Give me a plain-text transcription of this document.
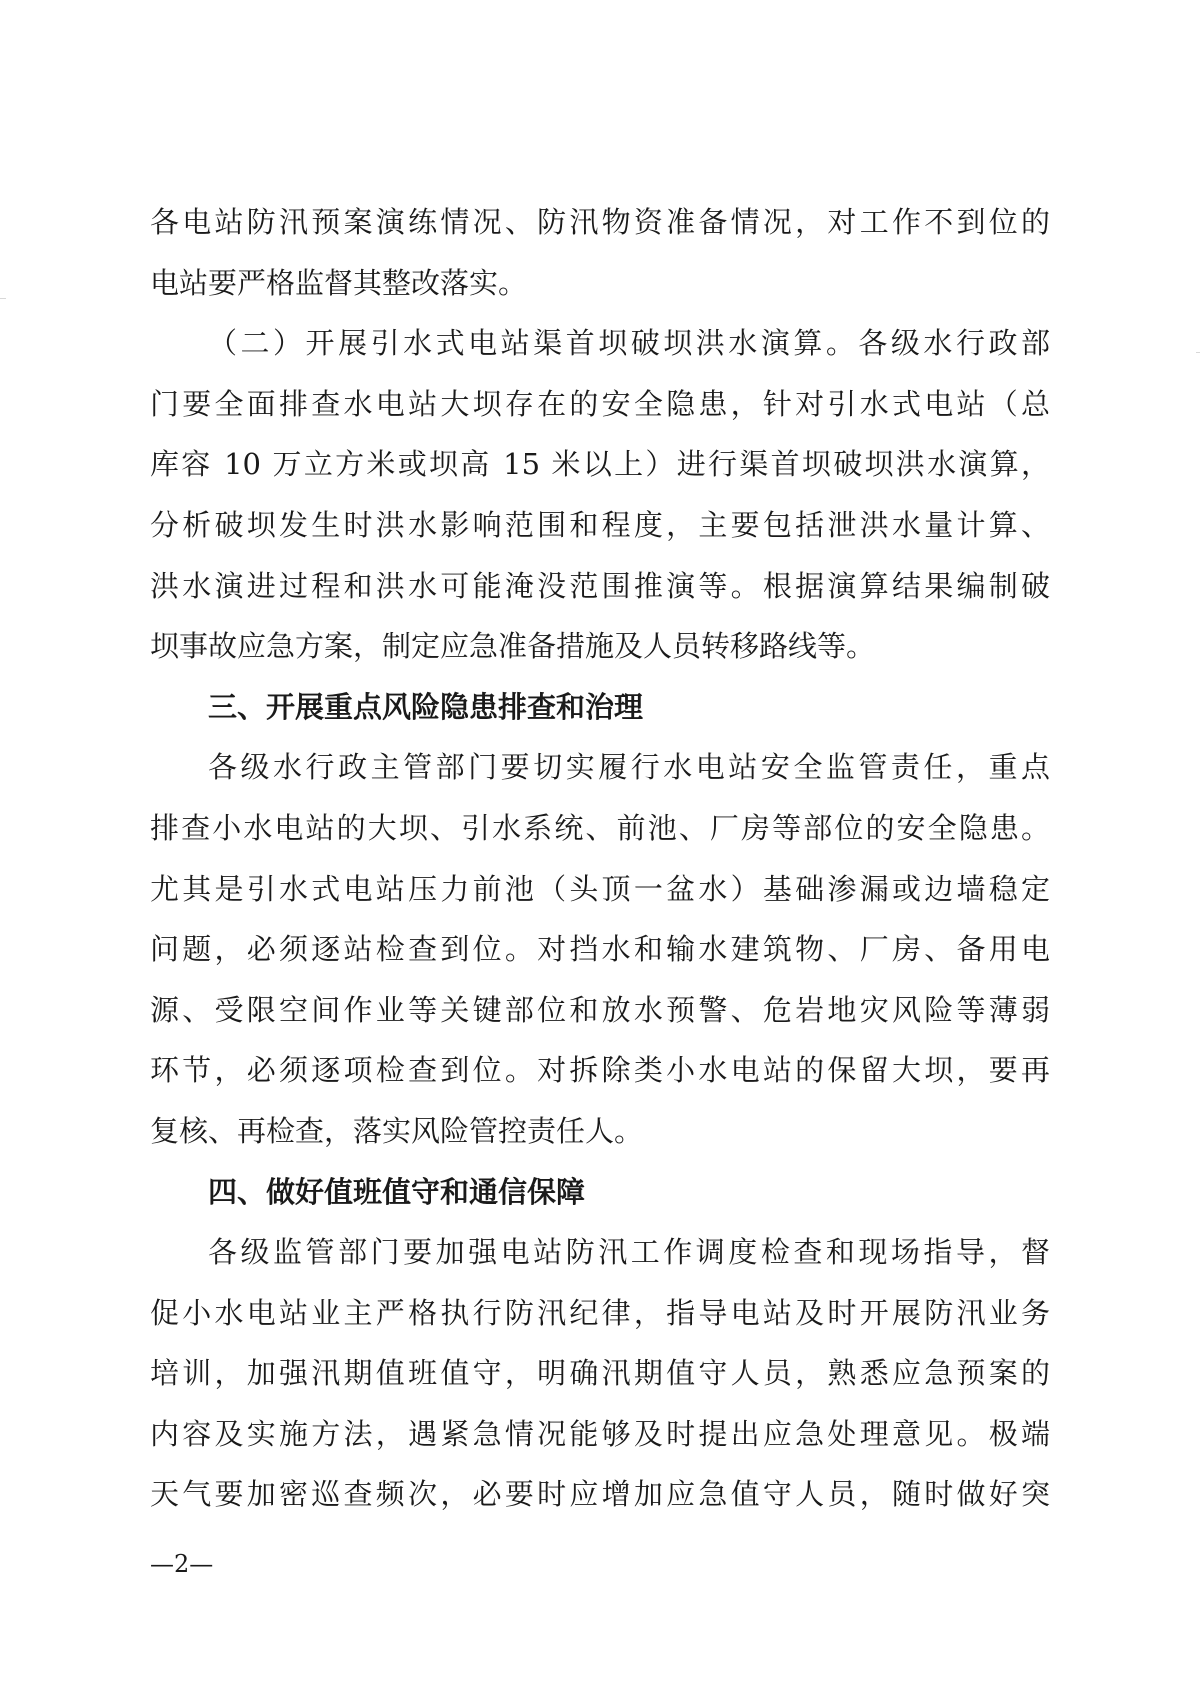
各电站防汛预案演练情况、防汛物资准备情况，对工作不到位的
电站要严格监督其整改落实。
（二）开展引水式电站渠首坝破坝洪水演算。各级水行政部
门要全面排查水电站大坝存在的安全隐患，针对引水式电站（总
库容 10 万立方米或坝高 15 米以上）进行渠首坝破坝洪水演算，
分析破坝发生时洪水影响范围和程度，主要包括泄洪水量计算、
洪水演进过程和洪水可能淹没范围推演等。根据演算结果编制破
坝事故应急方案，制定应急准备措施及人员转移路线等。
三、开展重点风险隐患排查和治理
各级水行政主管部门要切实履行水电站安全监管责任，重点
排查小水电站的大坝、引水系统、前池、厂房等部位的安全隐患。
尤其是引水式电站压力前池（头顶一盆水）基础渗漏或边墙稳定
问题，必须逐站检查到位。对挡水和输水建筑物、厂房、备用电
源、受限空间作业等关键部位和放水预警、危岩地灾风险等薄弱
环节，必须逐项检查到位。对拆除类小水电站的保留大坝，要再
复核、再检查，落实风险管控责任人。
四、做好值班值守和通信保障
各级监管部门要加强电站防汛工作调度检查和现场指导，督
促小水电站业主严格执行防汛纪律，指导电站及时开展防汛业务
培训，加强汛期值班值守，明确汛期值守人员，熟悉应急预案的
内容及实施方法，遇紧急情况能够及时提出应急处理意见。极端
天气要加密巡查频次，必要时应增加应急值守人员，随时做好突
—2—
